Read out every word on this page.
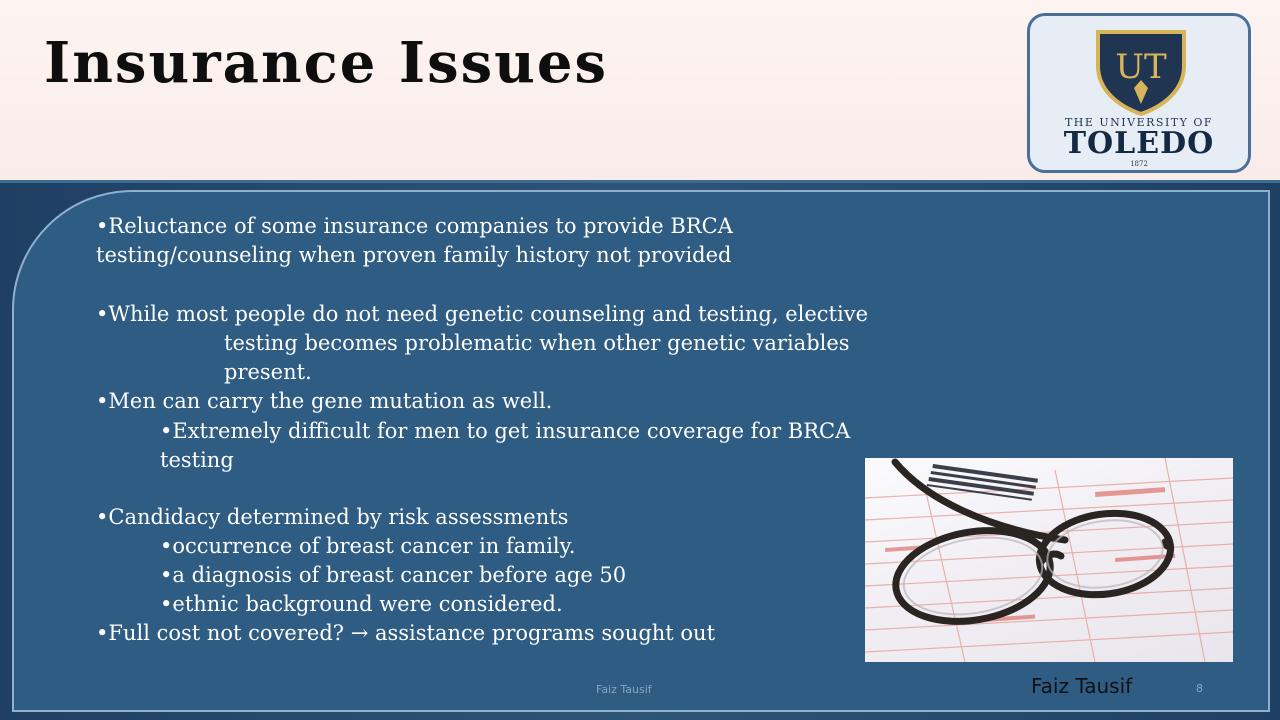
Insurance Issues	UT
THE UNIVERSITY OF
TOLEDO
1872
•Reluctance of some insurance companies to provide BRCA
testing/counseling when proven family history not provided
•While most people do not need genetic counseling and testing, elective
testing becomes problematic when other genetic variables
present.
•Men can carry the gene mutation as well.
•Extremely difficult for men to get insurance coverage for BRCA
testing
•Candidacy determined by risk assessments
•occurrence of breast cancer in family.
•a diagnosis of breast cancer before age 50
•ethnic background were considered.
•Full cost not covered? → assistance programs sought out
Faiz Tausif	Faiz Tausif	8
